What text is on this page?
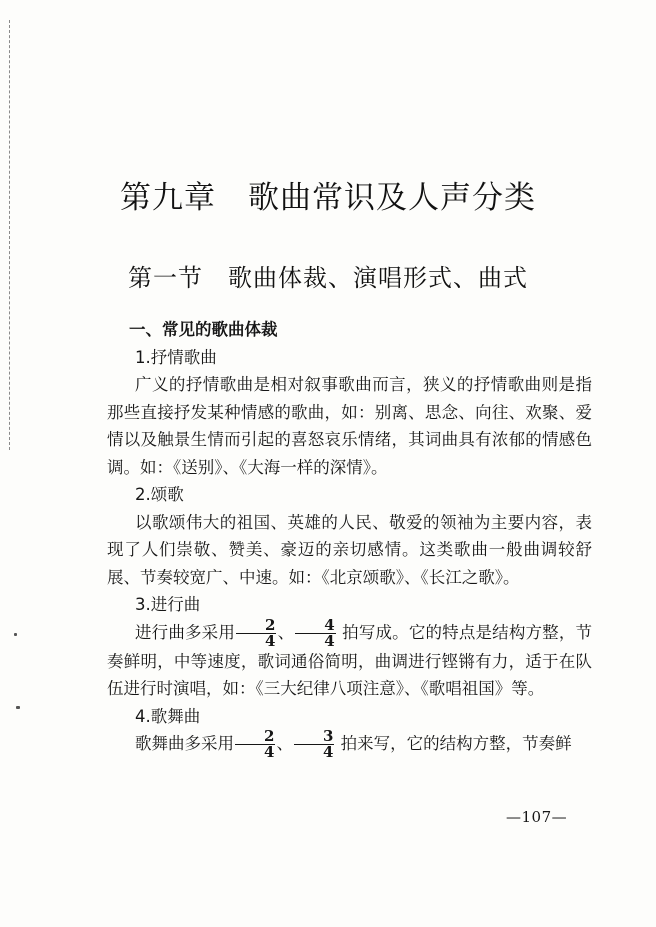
第九章　歌曲常识及人声分类
第一节　歌曲体裁、演唱形式、曲式
一、常见的歌曲体裁
1.抒情歌曲

广义的抒情歌曲是相对叙事歌曲而言，狭义的抒情歌曲则是指那些直接抒发某种情感的歌曲，如：别离、思念、向往、欢聚、爱情以及触景生情而引起的喜怒哀乐情绪，其词曲具有浓郁的情感色调。如：《送别》、《大海一样的深情》。

2.颂歌

以歌颂伟大的祖国、英雄的人民、敬爱的领袖为主要内容，表现了人们崇敬、赞美、豪迈的亲切感情。这类歌曲一般曲调较舒展、节奏较宽广、中速。如：《北京颂歌》、《长江之歌》。

3.进行曲

进行曲多采用 $\frac{2}{4}$ 、 $\frac{4}{4}$ 拍写成。它的特点是结构方整，节奏鲜明，中等速度，歌词通俗简明，曲调进行铿锵有力，适于在队伍进行时演唱，如：《三大纪律八项注意》、《歌唱祖国》等。

4.歌舞曲

歌舞曲多采用 $\frac{2}{4}$ 、 $\frac{3}{4}$ 拍来写，它的结构方整，节奏鲜

—107—
